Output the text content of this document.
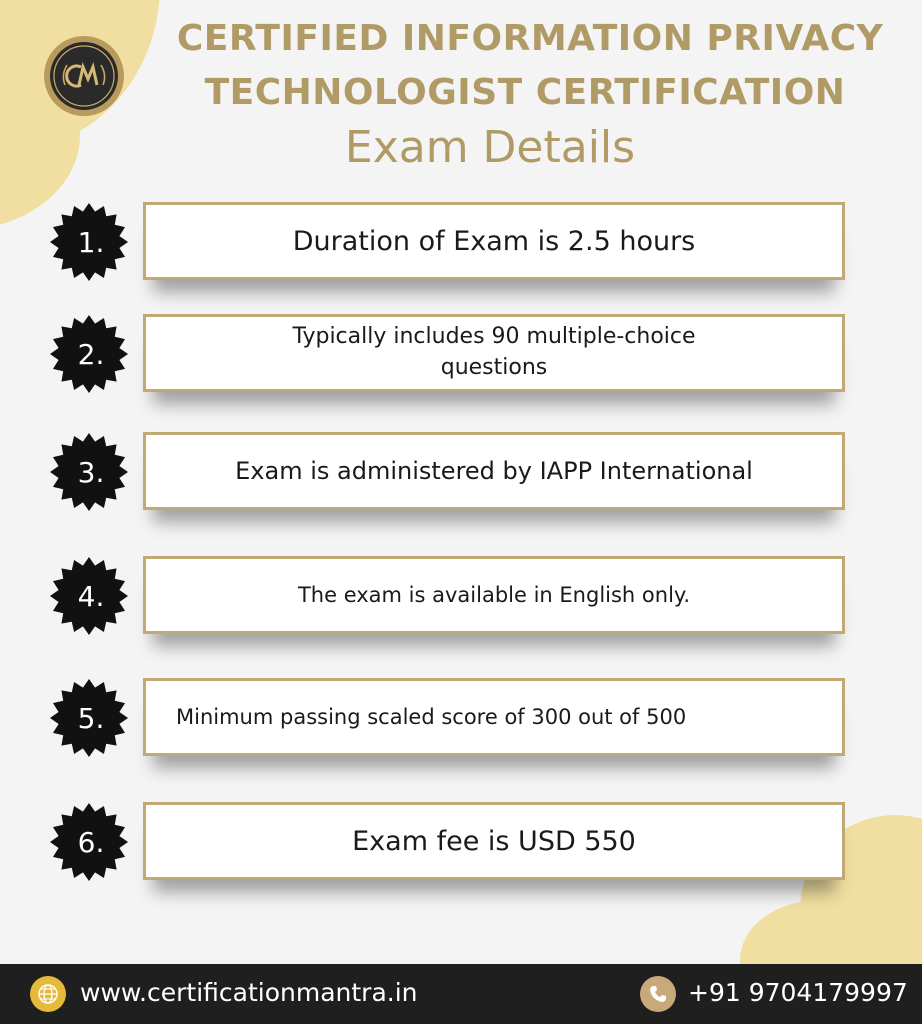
CERTIFIED INFORMATION PRIVACY
TECHNOLOGIST CERTIFICATION
Exam Details
1.	Duration of Exam is 2.5 hours
2.
Typically includes 90 multiple-choice questions
3.	Exam is administered by IAPP International
4.	The exam is available in English only.
5.	Minimum passing scaled score of 300 out of 500
6.	Exam fee is USD 550
www.certificationmantra.in	+91 9704179997
